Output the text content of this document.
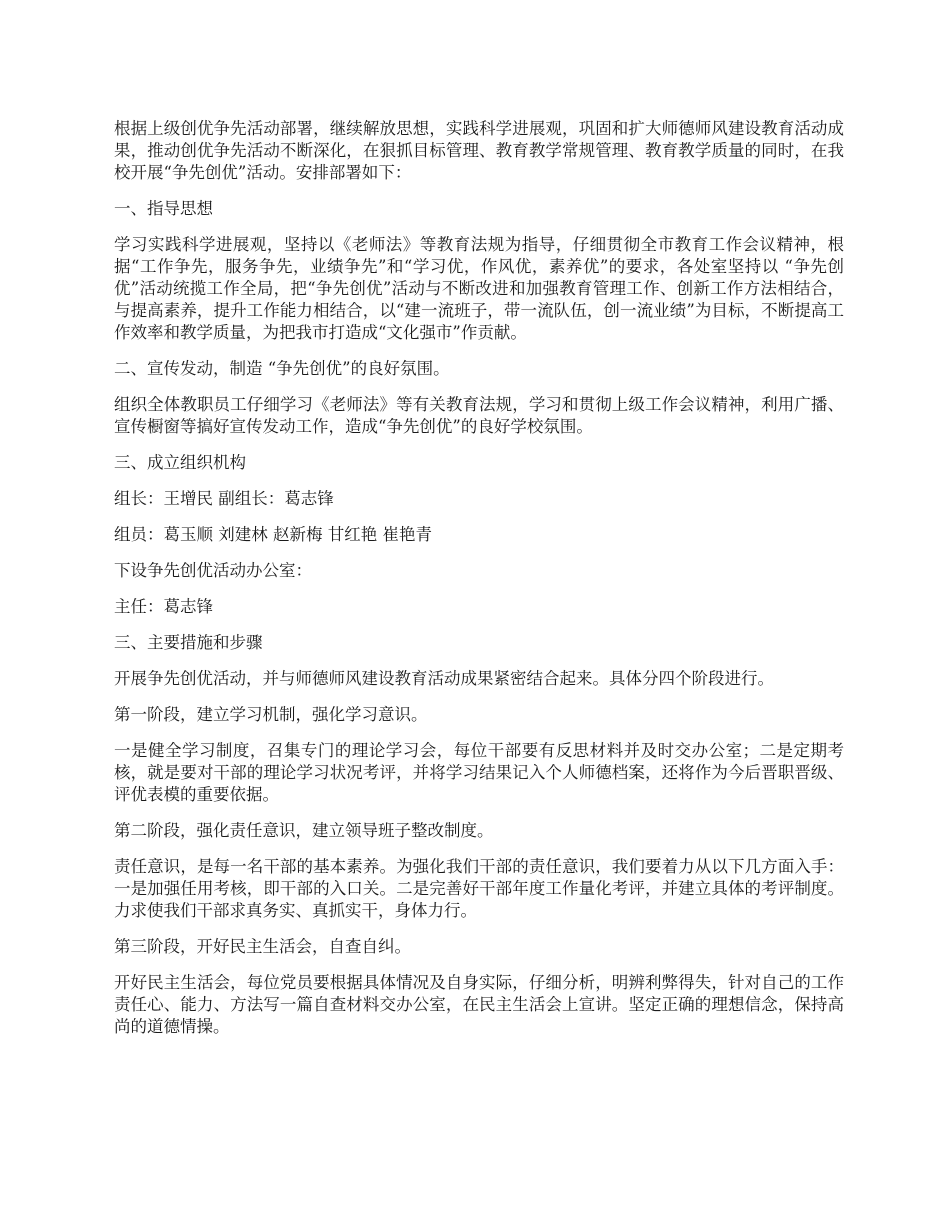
根据上级创优争先活动部署，继续解放思想，实践科学进展观，巩固和扩大师德师风建设教育活动成果，推动创优争先活动不断深化，在狠抓目标管理、教育教学常规管理、教育教学质量的同时，在我校开展“争先创优”活动。安排部署如下：

一、指导思想

学习实践科学进展观，坚持以《老师法》等教育法规为指导，仔细贯彻全市教育工作会议精神，根据“工作争先，服务争先，业绩争先”和“学习优，作风优，素养优”的要求，各处室坚持以 “争先创优”活动统揽工作全局，把“争先创优”活动与不断改进和加强教育管理工作、创新工作方法相结合，与提高素养，提升工作能力相结合，以“建一流班子，带一流队伍，创一流业绩”为目标，不断提高工作效率和教学质量，为把我市打造成“文化强市”作贡献。

二、宣传发动，制造 “争先创优”的良好氛围。

组织全体教职员工仔细学习《老师法》等有关教育法规，学习和贯彻上级工作会议精神，利用广播、宣传橱窗等搞好宣传发动工作，造成“争先创优”的良好学校氛围。

三、成立组织机构

组长：王增民 副组长：葛志锋

组员：葛玉顺 刘建林 赵新梅 甘红艳 崔艳青

下设争先创优活动办公室：

主任：葛志锋

三、主要措施和步骤

开展争先创优活动，并与师德师风建设教育活动成果紧密结合起来。具体分四个阶段进行。

第一阶段，建立学习机制，强化学习意识。

一是健全学习制度，召集专门的理论学习会，每位干部要有反思材料并及时交办公室；二是定期考核，就是要对干部的理论学习状况考评，并将学习结果记入个人师德档案，还将作为今后晋职晋级、评优表模的重要依据。

第二阶段，强化责任意识，建立领导班子整改制度。

责任意识，是每一名干部的基本素养。为强化我们干部的责任意识，我们要着力从以下几方面入手：一是加强任用考核，即干部的入口关。二是完善好干部年度工作量化考评，并建立具体的考评制度。力求使我们干部求真务实、真抓实干，身体力行。

第三阶段，开好民主生活会，自查自纠。

开好民主生活会，每位党员要根据具体情况及自身实际，仔细分析，明辨利弊得失，针对自己的工作责任心、能力、方法写一篇自查材料交办公室，在民主生活会上宣讲。坚定正确的理想信念，保持高尚的道德情操。
